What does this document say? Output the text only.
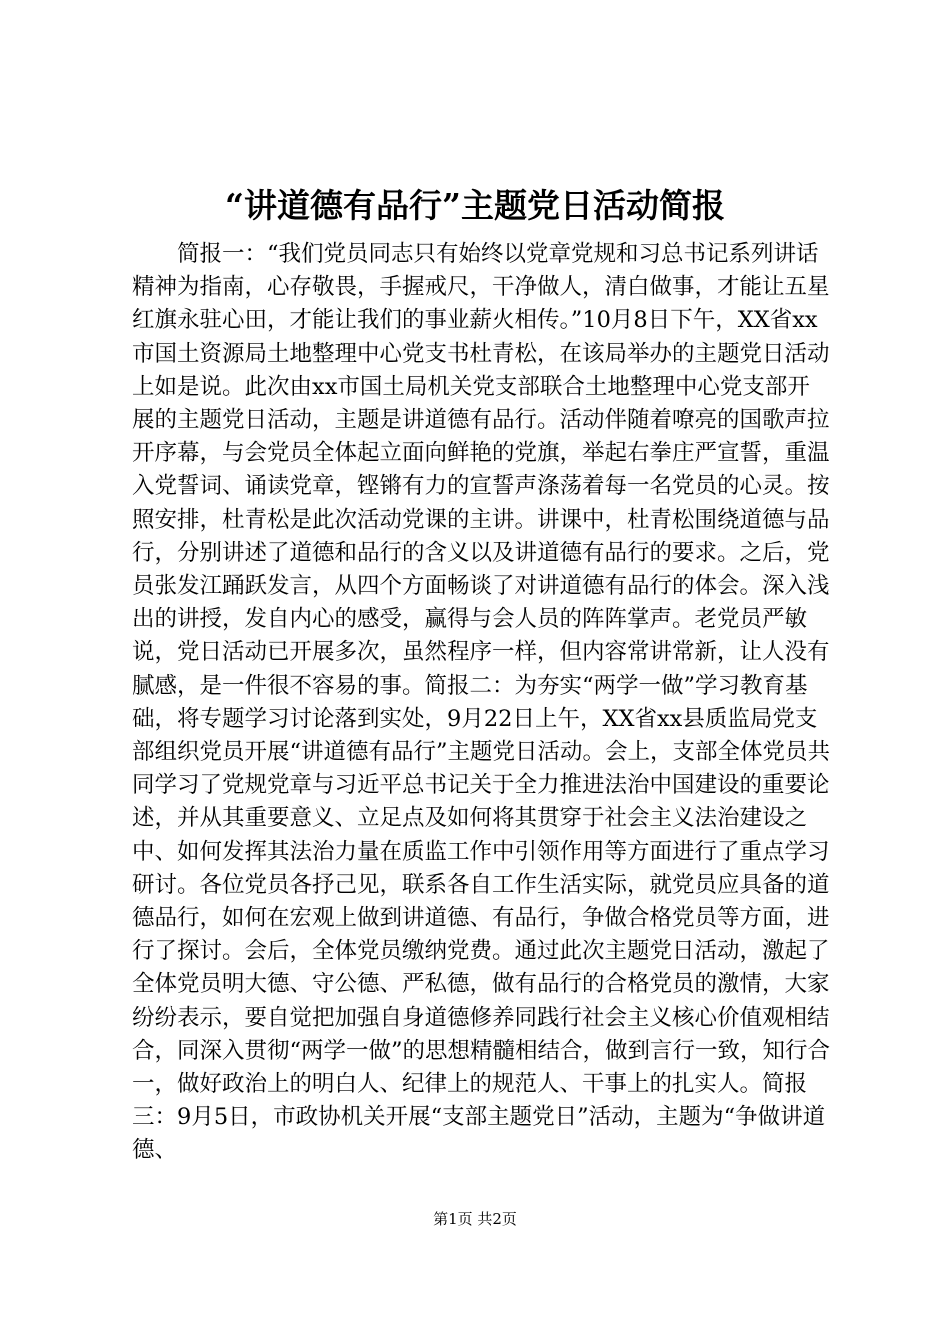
“讲道德有品行”主题党日活动简报

　　简报一：“我们党员同志只有始终以党章党规和习总书记系列讲话精神为指南，心存敬畏，手握戒尺，干净做人，清白做事，才能让五星红旗永驻心田，才能让我们的事业薪火相传。”10月8日下午，XX省xx市国土资源局土地整理中心党支书杜青松，在该局举办的主题党日活动上如是说。此次由xx市国土局机关党支部联合土地整理中心党支部开展的主题党日活动，主题是讲道德有品行。活动伴随着嘹亮的国歌声拉开序幕，与会党员全体起立面向鲜艳的党旗，举起右拳庄严宣誓，重温入党誓词、诵读党章，铿锵有力的宣誓声涤荡着每一名党员的心灵。按照安排，杜青松是此次活动党课的主讲。讲课中，杜青松围绕道德与品行，分别讲述了道德和品行的含义以及讲道德有品行的要求。之后，党员张发江踊跃发言，从四个方面畅谈了对讲道德有品行的体会。深入浅出的讲授，发自内心的感受，赢得与会人员的阵阵掌声。老党员严敏说，党日活动已开展多次，虽然程序一样，但内容常讲常新，让人没有腻感，是一件很不容易的事。简报二：为夯实“两学一做”学习教育基础，将专题学习讨论落到实处，9月22日上午，XX省xx县质监局党支部组织党员开展“讲道德有品行”主题党日活动。会上，支部全体党员共同学习了党规党章与习近平总书记关于全力推进法治中国建设的重要论述，并从其重要意义、立足点及如何将其贯穿于社会主义法治建设之中、如何发挥其法治力量在质监工作中引领作用等方面进行了重点学习研讨。各位党员各抒己见，联系各自工作生活实际，就党员应具备的道德品行，如何在宏观上做到讲道德、有品行，争做合格党员等方面，进行了探讨。会后，全体党员缴纳党费。通过此次主题党日活动，激起了全体党员明大德、守公德、严私德，做有品行的合格党员的激情，大家纷纷表示，要自觉把加强自身道德修养同践行社会主义核心价值观相结合，同深入贯彻“两学一做”的思想精髓相结合，做到言行一致，知行合一，做好政治上的明白人、纪律上的规范人、干事上的扎实人。简报三：9月5日，市政协机关开展“支部主题党日”活动，主题为“争做讲道德、

第1页 共2页
